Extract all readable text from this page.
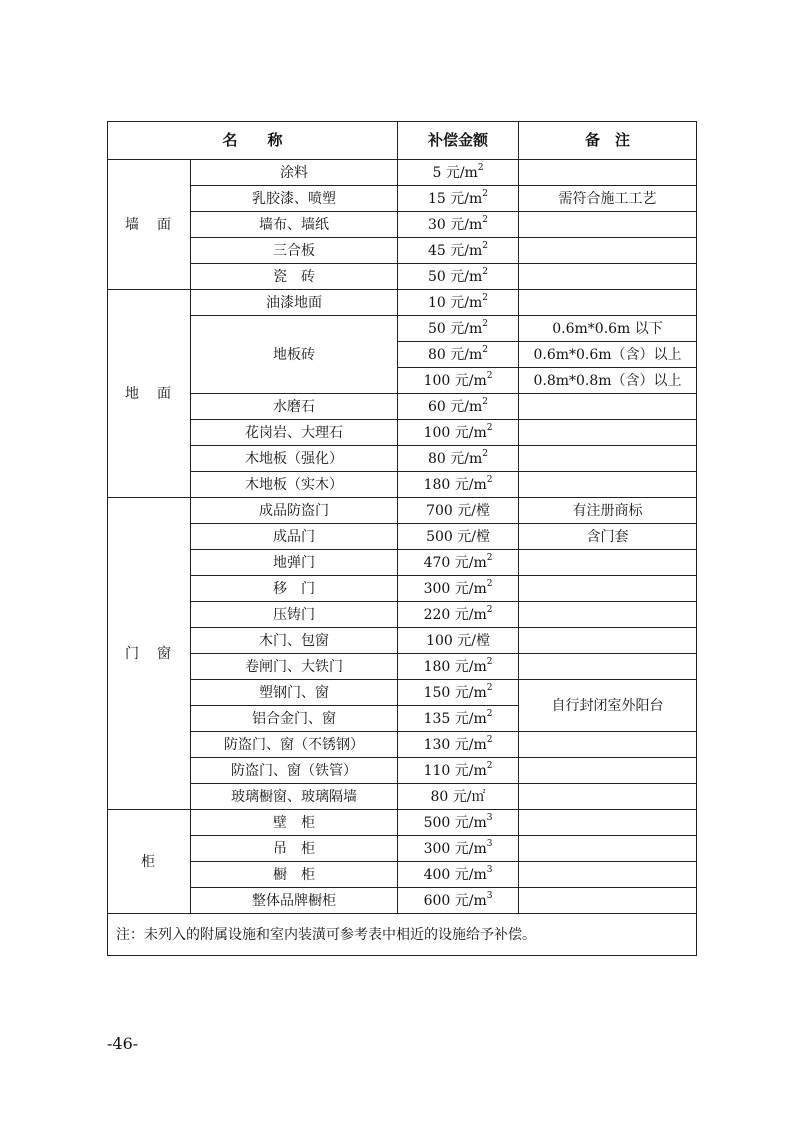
名　　称		补偿金额	备　注
墙　面	涂料	5 元$/m^2$	
	乳胶漆、喷塑	15 元$/m^2$	需符合施工工艺
	墙布、墙纸	30 元$/m^2$	
	三合板	45 元$/m^2$	
	瓷　砖	50 元$/m^2$	
地　面	油漆地面	10 元$/m^2$	
	地板砖	50 元$/m^2$	0.6m*0.6m 以下
		80 元$/m^2$	0.6m*0.6m（含）以上
		100 元$/m^2$	0.8m*0.8m（含）以上
	水磨石	60 元$/m^2$	
	花岗岩、大理石	100 元$/m^2$	
	木地板（强化）	80 元$/m^2$	
	木地板（实木）	180 元$/m^2$	
门　窗	成品防盗门	700 元/樘	有注册商标
	成品门	500 元/樘	含门套
	地弹门	470 元$/m^2$	
	移　门	300 元$/m^2$	
	压铸门	220 元$/m^2$	
	木门、包窗	100 元/樘	
	卷闸门、大铁门	180 元$/m^2$	
	塑钢门、窗	150 元$/m^2$	自行封闭室外阳台
	铝合金门、窗	135 元$/m^2$
	防盗门、窗（不锈钢）	130 元$/m^2$	
	防盗门、窗（铁管）	110 元$/m^2$	
	玻璃橱窗、玻璃隔墙	80 元/㎡	
柜	壁　柜	500 元$/m^3$	
	吊　柜	300 元$/m^3$	
	橱　柜	400 元$/m^3$	
	整体品牌橱柜	600 元$/m^3$	
注：未列入的附属设施和室内装潢可参考表中相近的设施给予补偿。			
-46-
